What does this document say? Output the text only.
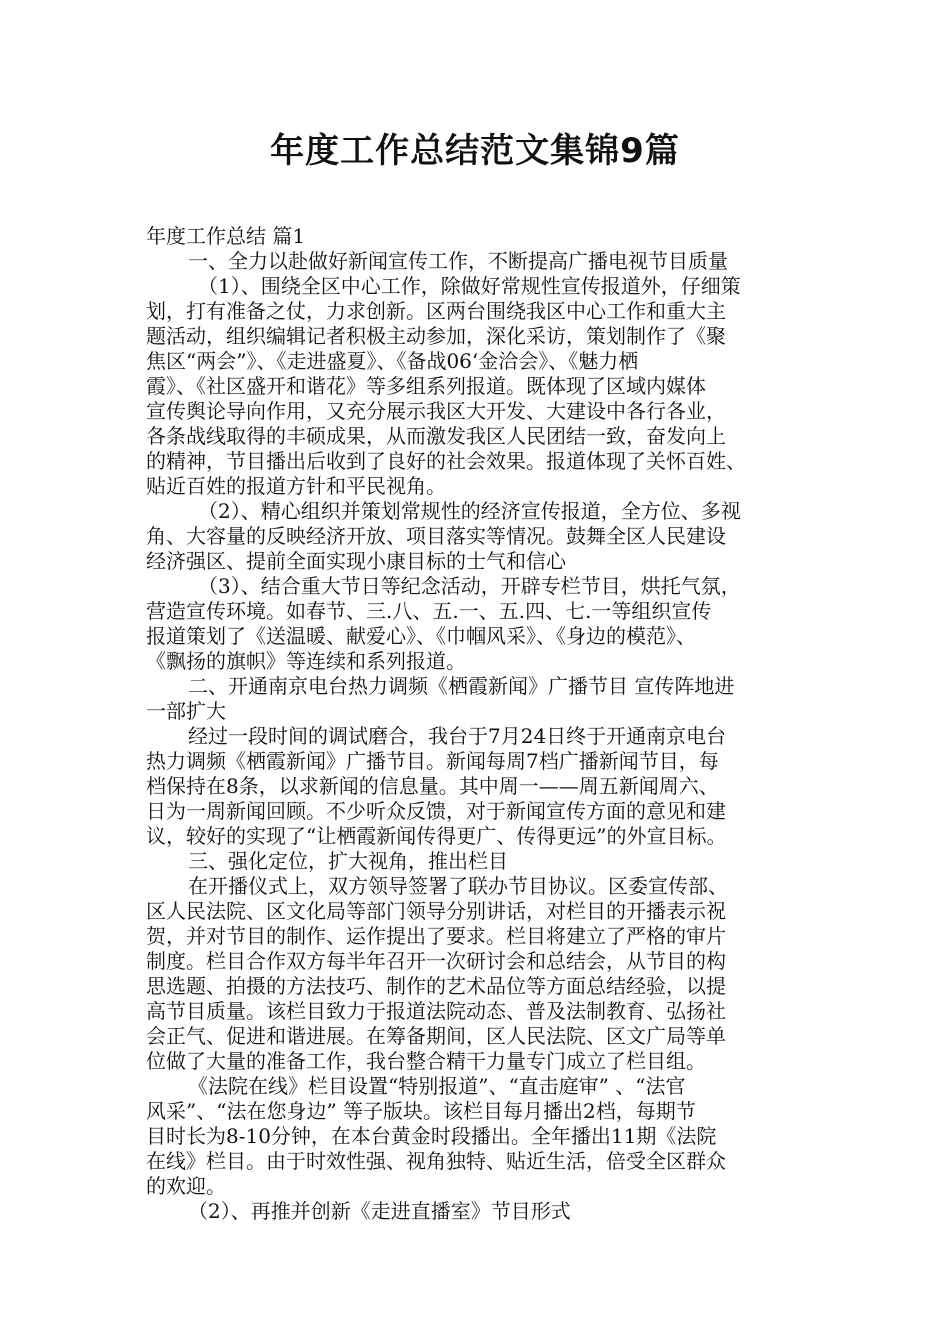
年度工作总结范文集锦9篇
年度工作总结 篇1
一、全力以赴做好新闻宣传工作，不断提高广播电视节目质量
（1）、围绕全区中心工作，除做好常规性宣传报道外，仔细策
划，打有准备之仗，力求创新。区两台围绕我区中心工作和重大主
题活动，组织编辑记者积极主动参加，深化采访，策划制作了《聚
焦区“两会”》、《走进盛夏》、《备战06‘金洽会》、《魅力栖
霞》、《社区盛开和谐花》等多组系列报道。既体现了区域内媒体
宣传舆论导向作用，又充分展示我区大开发、大建设中各行各业，
各条战线取得的丰硕成果，从而激发我区人民团结一致，奋发向上
的精神，节目播出后收到了良好的社会效果。报道体现了关怀百姓、
贴近百姓的报道方针和平民视角。
（2）、精心组织并策划常规性的经济宣传报道，全方位、多视
角、大容量的反映经济开放、项目落实等情况。鼓舞全区人民建设
经济强区、提前全面实现小康目标的士气和信心
（3）、结合重大节日等纪念活动，开辟专栏节目，烘托气氛，
营造宣传环境。如春节、三.八、五.一、五.四、七.一等组织宣传
报道策划了《送温暖、献爱心》、《巾帼风采》、《身边的模范》、
《飘扬的旗帜》等连续和系列报道。
二、开通南京电台热力调频《栖霞新闻》广播节目 宣传阵地进
一部扩大
经过一段时间的调试磨合，我台于7月24日终于开通南京电台
热力调频《栖霞新闻》广播节目。新闻每周7档广播新闻节目，每
档保持在8条，以求新闻的信息量。其中周一——周五新闻周六、
日为一周新闻回顾。不少听众反馈，对于新闻宣传方面的意见和建
议，较好的实现了“让栖霞新闻传得更广、传得更远”的外宣目标。
三、强化定位，扩大视角，推出栏目
在开播仪式上，双方领导签署了联办节目协议。区委宣传部、
区人民法院、区文化局等部门领导分别讲话，对栏目的开播表示祝
贺，并对节目的制作、运作提出了要求。栏目将建立了严格的审片
制度。栏目合作双方每半年召开一次研讨会和总结会，从节目的构
思选题、拍摄的方法技巧、制作的艺术品位等方面总结经验，以提
高节目质量。该栏目致力于报道法院动态、普及法制教育、弘扬社
会正气、促进和谐进展。在筹备期间，区人民法院、区文广局等单
位做了大量的准备工作，我台整合精干力量专门成立了栏目组。
《法院在线》栏目设置“特别报道”、“直击庭审” 、“法官
风采”、“法在您身边” 等子版块。该栏目每月播出2档，每期节
目时长为8-10分钟，在本台黄金时段播出。全年播出11期《法院
在线》栏目。由于时效性强、视角独特、贴近生活，倍受全区群众
的欢迎。
（2）、再推并创新《走进直播室》节目形式
